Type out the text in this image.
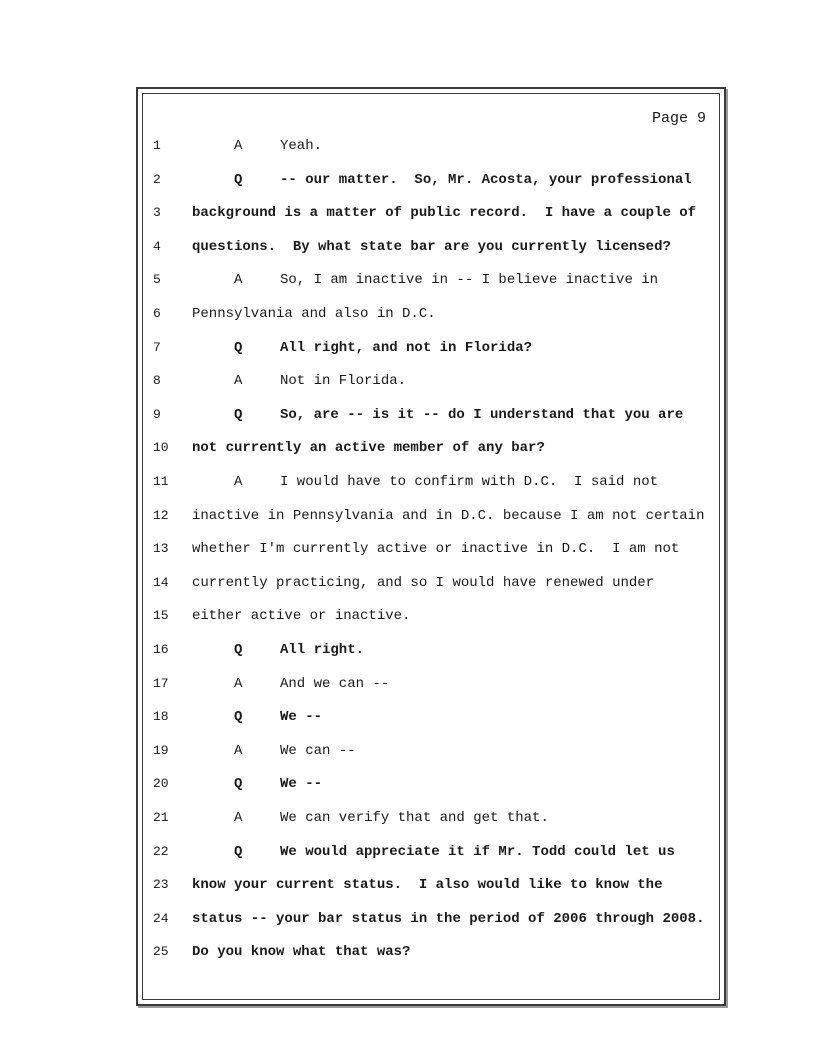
Page 9
1	A	Yeah.
2	Q	-- our matter.  So, Mr. Acosta, your professional
3 background is a matter of public record.  I have a couple of
4 questions.  By what state bar are you currently licensed?
5	A	So, I am inactive in -- I believe inactive in
6 Pennsylvania and also in D.C.
7	Q	All right, and not in Florida?
8	A	Not in Florida.
9	Q	So, are -- is it -- do I understand that you are
10 not currently an active member of any bar?
11	A	I would have to confirm with D.C.  I said not
12 inactive in Pennsylvania and in D.C. because I am not certain
13 whether I'm currently active or inactive in D.C.  I am not
14 currently practicing, and so I would have renewed under
15 either active or inactive.
16	Q	All right.
17	A	And we can --
18	Q	We --
19	A	We can --
20	Q	We --
21	A	We can verify that and get that.
22	Q	We would appreciate it if Mr. Todd could let us
23 know your current status.  I also would like to know the
24 status -- your bar status in the period of 2006 through 2008.
25 Do you know what that was?
